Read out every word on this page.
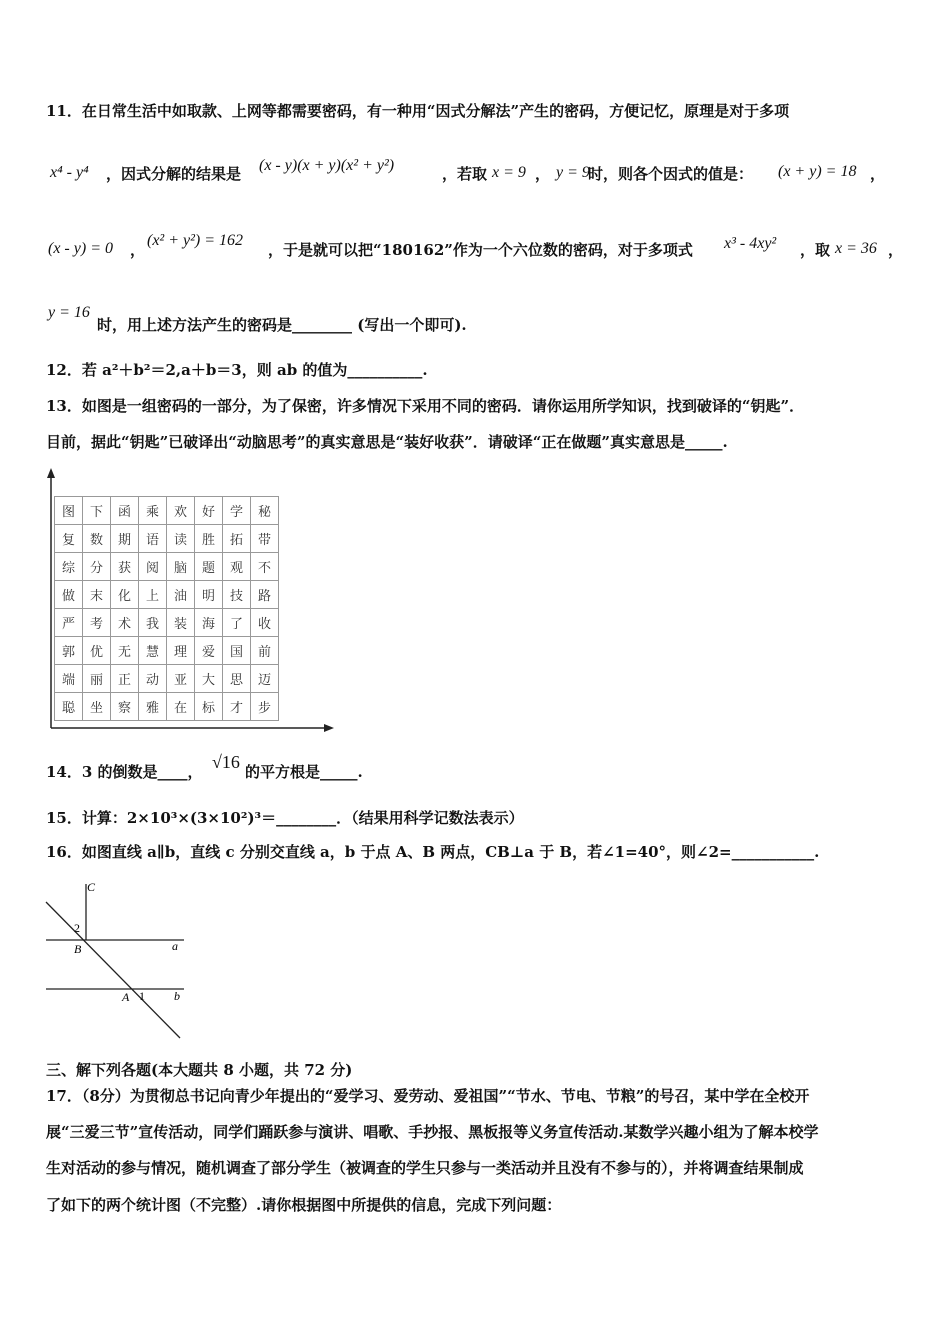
11．在日常生活中如取款、上网等都需要密码，有一种用“因式分解法”产生的密码，方便记忆，原理是对于多项
x⁴ - y⁴ ，因式分解的结果是 (x - y)(x + y)(x² + y²)	，若取 x = 9 ， y = 9
时，则各个因式的值是： (x + y) = 18 ，
(x - y) = 0 ，
(x² + y²) = 162
，于是就可以把“180162”作为一个六位数的密码，对于多项式 x³ - 4xy² ，取 x = 36 ，
y = 16
时，用上述方法产生的密码是________ (写出一个即可).
12．若 a²＋b²＝2,a＋b＝3，则 ab 的值为__________.
13．如图是一组密码的一部分，为了保密，许多情况下采用不同的密码．请你运用所学知识，找到破译的“钥匙”．
目前，据此“钥匙”已破译出“动脑思考”的真实意思是“装好收获”．请破译“正在做题”真实意思是_____.
图	下	函	乘	欢	好	学	秘
复	数	期	语	读	胜	拓	带
综	分	获	阅	脑	题	观	不
做	末	化	上	油	明	技	路
严	考	术	我	装	海	了	收
郭	优	无	慧	理	爱	国	前
端	丽	正	动	亚	大	思	迈
聪	坐	察	雅	在	标	才	步
14．3 的倒数是____， √16 的平方根是_____.
15．计算：2×10³×(3×10²)³＝________．（结果用科学记数法表示）
16．如图直线 a∥b，直线 c 分别交直线 a，b 于点 A、B 两点，CB⊥a 于 B，若∠1=40°，则∠2=___________.
C
2
B	a
A 1 b
三、解下列各题(本大题共 8 小题，共 72 分)
17．（8分）为贯彻总书记向青少年提出的“爱学习、爱劳动、爱祖国”“节水、节电、节粮”的号召，某中学在全校开
展“三爱三节”宣传活动，同学们踊跃参与演讲、唱歌、手抄报、黑板报等义务宣传活动.某数学兴趣小组为了解本校学
生对活动的参与情况，随机调查了部分学生（被调查的学生只参与一类活动并且没有不参与的），并将调查结果制成
了如下的两个统计图（不完整）.请你根据图中所提供的信息，完成下列问题：
